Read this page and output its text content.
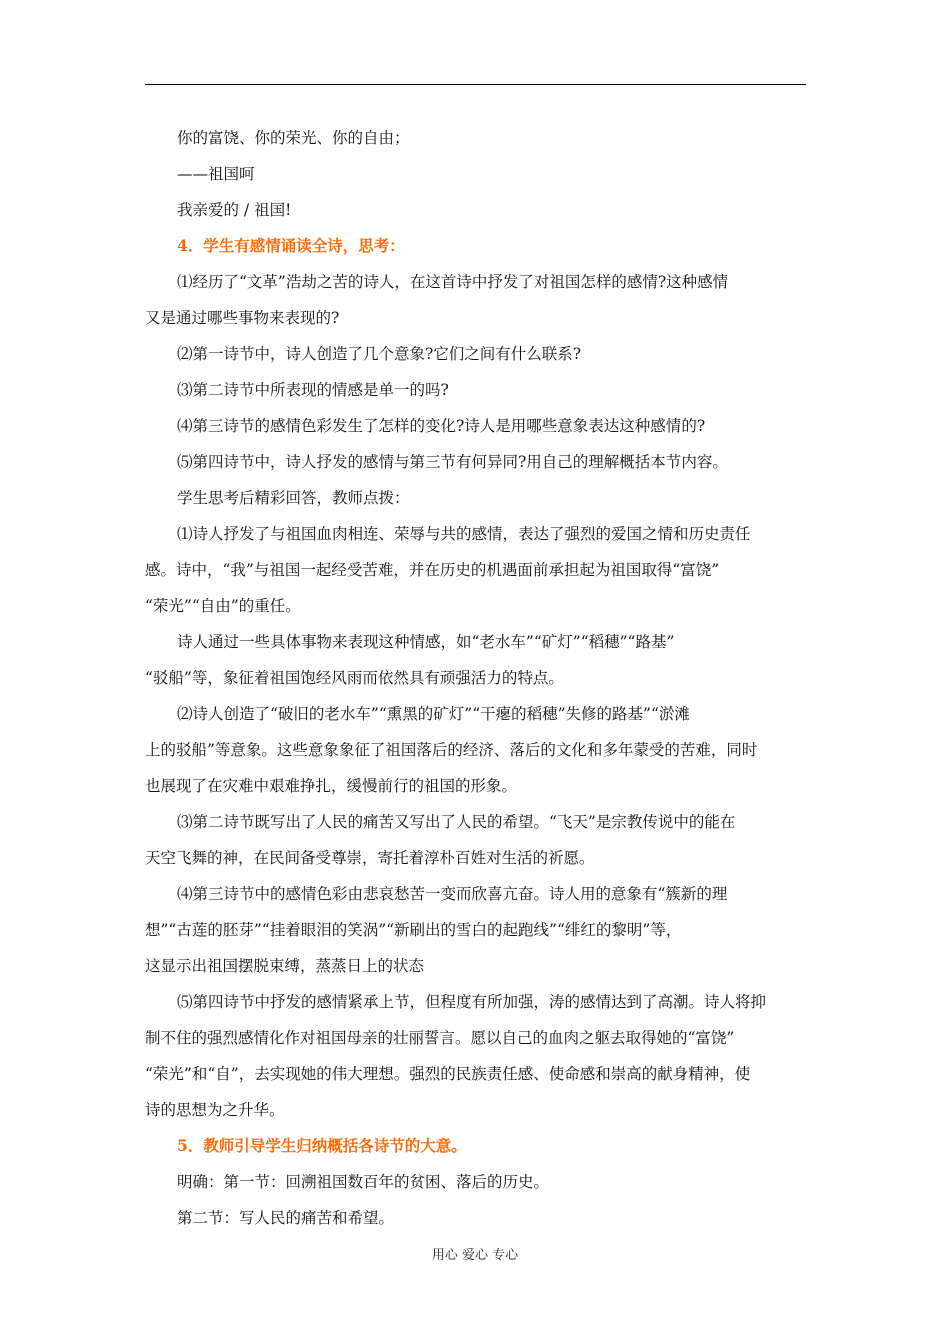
你的富饶、你的荣光、你的自由；
——祖国呵
我亲爱的 / 祖国!
4．学生有感情诵读全诗，思考：
⑴经历了“文革”浩劫之苦的诗人，在这首诗中抒发了对祖国怎样的感情?这种感情
又是通过哪些事物来表现的?
⑵第一诗节中，诗人创造了几个意象?它们之间有什么联系?
⑶第二诗节中所表现的情感是单一的吗?
⑷第三诗节的感情色彩发生了怎样的变化?诗人是用哪些意象表达这种感情的?
⑸第四诗节中，诗人抒发的感情与第三节有何异同?用自己的理解概括本节内容。
学生思考后精彩回答，教师点拨：
⑴诗人抒发了与祖国血肉相连、荣辱与共的感情，表达了强烈的爱国之情和历史责任
感。诗中，“我”与祖国一起经受苦难，并在历史的机遇面前承担起为祖国取得“富饶”
“荣光”“自由”的重任。
诗人通过一些具体事物来表现这种情感，如“老水车”“矿灯”“稻穗”“路基”
“驳船”等，象征着祖国饱经风雨而依然具有顽强活力的特点。
⑵诗人创造了“破旧的老水车”“熏黑的矿灯”“干瘪的稻穗”失修的路基”“淤滩
上的驳船”等意象。这些意象象征了祖国落后的经济、落后的文化和多年蒙受的苦难，同时
也展现了在灾难中艰难挣扎，缓慢前行的祖国的形象。
⑶第二诗节既写出了人民的痛苦又写出了人民的希望。“飞天”是宗教传说中的能在
天空飞舞的神，在民间备受尊崇，寄托着淳朴百姓对生活的祈愿。
⑷第三诗节中的感情色彩由悲哀愁苦一变而欣喜亢奋。诗人用的意象有“簇新的理
想”“古莲的胚芽”“挂着眼泪的笑涡”“新刷出的雪白的起跑线”“绯红的黎明”等，
这显示出祖国摆脱束缚，蒸蒸日上的状态
⑸第四诗节中抒发的感情紧承上节，但程度有所加强，涛的感情达到了高潮。诗人将抑
制不住的强烈感情化作对祖国母亲的壮丽誓言。愿以自己的血肉之躯去取得她的“富饶”
“荣光”和“自”，去实现她的伟大理想。强烈的民族责任感、使命感和崇高的献身精神，使
诗的思想为之升华。
5．教师引导学生归纳概括各诗节的大意。
明确：第一节：回溯祖国数百年的贫困、落后的历史。
第二节：写人民的痛苦和希望。
用心 爱心 专心
